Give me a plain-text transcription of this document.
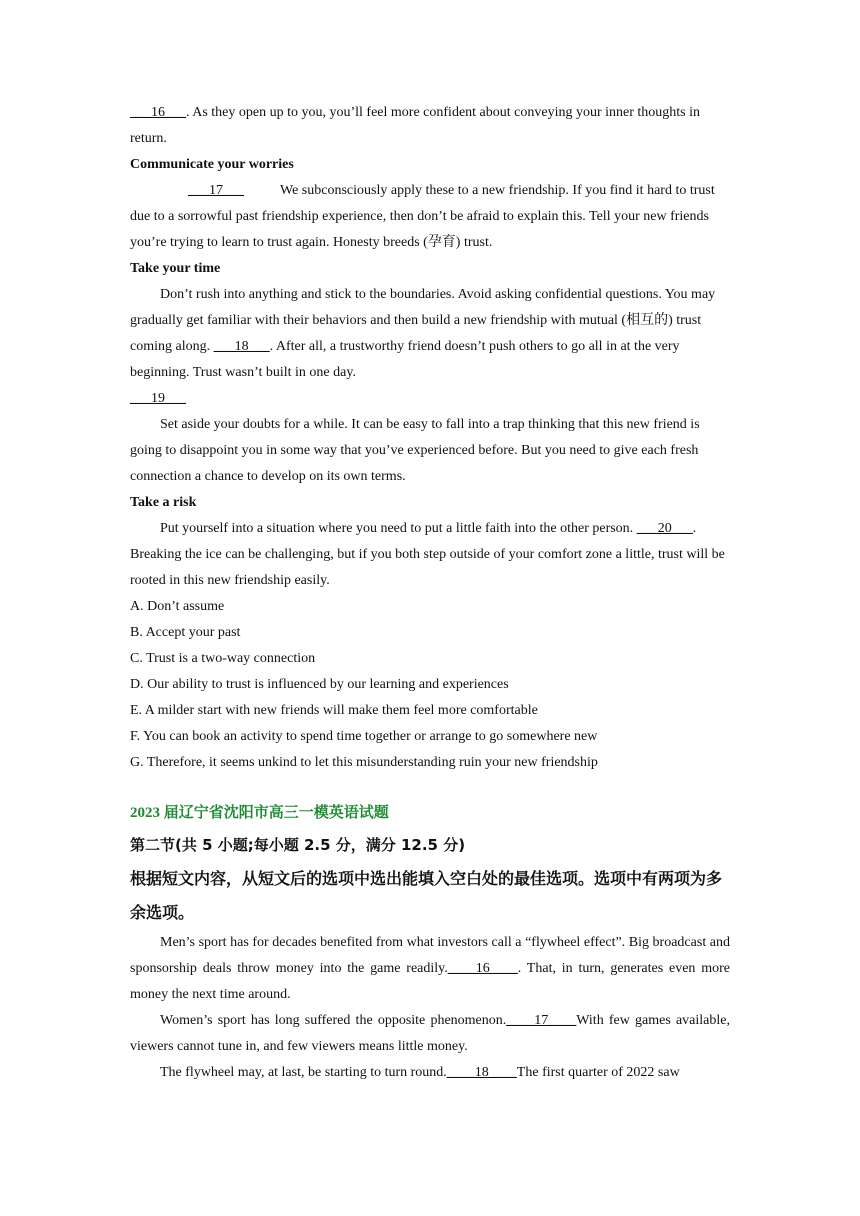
___16___. As they open up to you, you’ll feel more confident about conveying your inner thoughts in return.

Communicate your worries

___17___	We subconsciously apply these to a new friendship. If you find it hard to trust due to a sorrowful past friendship experience, then don’t be afraid to explain this. Tell your new friends you’re trying to learn to trust again. Honesty breeds (孕育) trust.

Take your time

Don’t rush into anything and stick to the boundaries. Avoid asking confidential questions. You may gradually get familiar with their behaviors and then build a new friendship with mutual (相互的) trust coming along. ___18___. After all, a trustworthy friend doesn’t push others to go all in at the very beginning. Trust wasn’t built in one day.

___19___

Set aside your doubts for a while. It can be easy to fall into a trap thinking that this new friend is going to disappoint you in some way that you’ve experienced before. But you need to give each fresh connection a chance to develop on its own terms.

Take a risk

Put yourself into a situation where you need to put a little faith into the other person. ___20___. Breaking the ice can be challenging, but if you both step outside of your comfort zone a little, trust will be rooted in this new friendship easily.

A. Don’t assume

B. Accept your past

C. Trust is a two-way connection

D. Our ability to trust is influenced by our learning and experiences

E. A milder start with new friends will make them feel more comfortable

F. You can book an activity to spend time together or arrange to go somewhere new

G. Therefore, it seems unkind to let this misunderstanding ruin your new friendship

2023 届辽宁省沈阳市高三一模英语试题

第二节(共 5 小题;每小题 2.5 分，满分 12.5 分)

根据短文内容，从短文后的选项中选出能填入空白处的最佳选项。选项中有两项为多余选项。

Men’s sport has for decades benefited from what investors call a “flywheel effect”. Big broadcast and sponsorship deals throw money into the game readily.____16____. That, in turn, generates even more money the next time around.

Women’s sport has long suffered the opposite phenomenon.____17____With few games available, viewers cannot tune in, and few viewers means little money.

The flywheel may, at last, be starting to turn round.____18____The first quarter of 2022 saw
